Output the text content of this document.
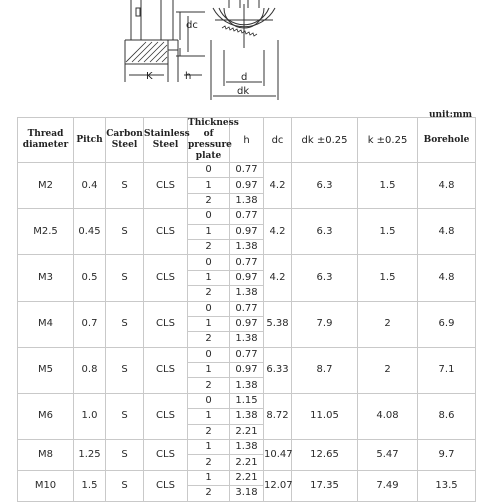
dc
K	h	d
dk
unit:mm
Thread diameter	Pitch	Carbon Steel	Stainless Steel	Thickness of pressure plate	h	dc	dk ±0.25	k ±0.25	Borehole
M2	0.4	S	CLS	0	0.77	4.2	6.3	1.5	4.8
				1	0.97				
				2	1.38				
M2.5	0.45	S	CLS	0	0.77	4.2	6.3	1.5	4.8
				1	0.97				
				2	1.38				
M3	0.5	S	CLS	0	0.77	4.2	6.3	1.5	4.8
				1	0.97				
				2	1.38				
M4	0.7	S	CLS	0	0.77	5.38	7.9	2	6.9
				1	0.97				
				2	1.38				
M5	0.8	S	CLS	0	0.77	6.33	8.7	2	7.1
				1	0.97				
				2	1.38				
M6	1.0	S	CLS	0	1.15	8.72	11.05	4.08	8.6
				1	1.38				
				2	2.21				
M8	1.25	S	CLS	1	1.38	10.47	12.65	5.47	9.7
				2	2.21				
M10	1.5	S	CLS	1	2.21	12.07	17.35	7.49	13.5
				2	3.18				
